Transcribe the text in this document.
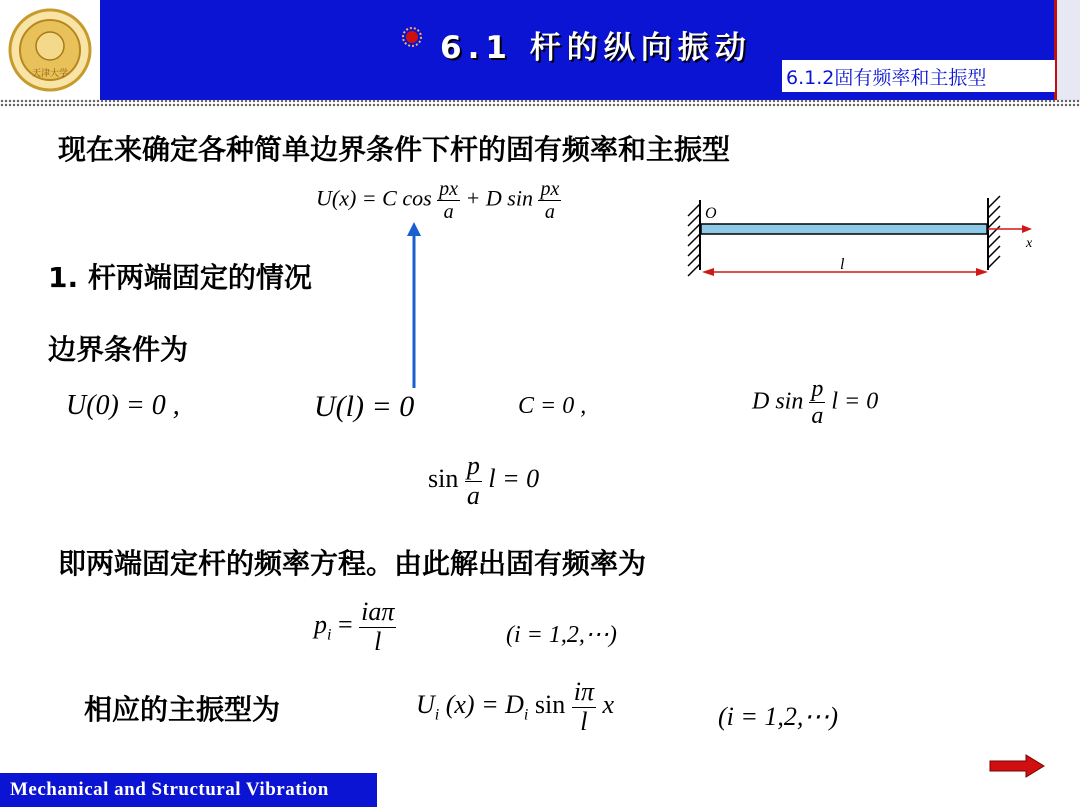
天津大学
6.1 杆的纵向振动
6.1.2固有频率和主振型
现在来确定各种简单边界条件下杆的固有频率和主振型
U(x) = C $\cos \frac{px}{a} + D$ $\sin \frac{px}{a}$
x
O
l
1. 杆两端固定的情况
边界条件为
U(0) = 0 ,	U(l) = 0	C = 0 ,	D $\sin \frac{p}{a}$ l = 0
$\sin \frac{p}{a}$ l = 0
即两端固定杆的频率方程。由此解出固有频率为
$p_i = \frac{\text{iaπ}}{l}$	(i = 1,2,⋯)
相应的主振型为	$U_i$ $(x) = D_i$ $\sin \frac{i\pi}{l}$ x	(i = 1,2,⋯)
Mechanical and Structural Vibration
